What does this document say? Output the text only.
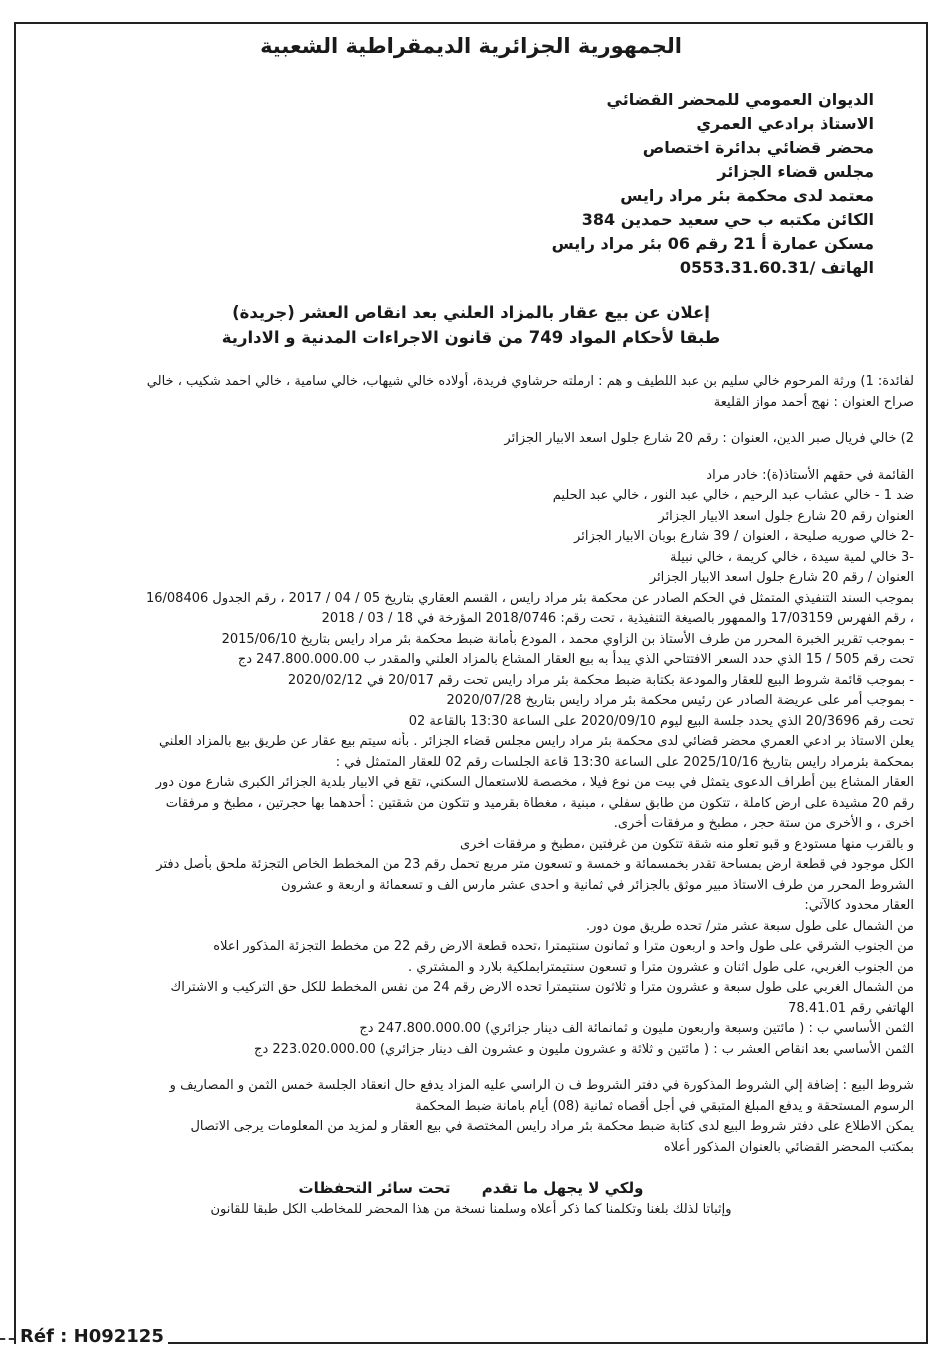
الجمهورية الجزائرية الديمقراطية الشعبية
الديوان العمومي للمحضر القضائي
الاستاذ برادعي العمري
محضر قضائي بدائرة اختصاص
مجلس قضاء الجزائر
معتمد لدى محكمة بئر مراد رايس
الكائن مكتبه ب حي سعيد حمدين 384
مسكن عمارة أ 21 رقم 06 بئر مراد رايس
الهاتف /0553.31.60.31
إعلان عن بيع عقار بالمزاد العلني بعد انقاص العشر (جريدة)
طبقا لأحكام المواد 749 من قانون الاجراءات المدنية و الادارية
لفائدة: 1) ورثة المرحوم خالي سليم بن عبد اللطيف و هم : ارملته حرشاوي فريدة، أولاده خالي شيهاب، خالي سامية ، خالي احمد شكيب ، خالي
صراح العنوان : نهج أحمد مواز القليعة
2) خالي فريال صبر الدين، العنوان : رقم 20 شارع جلول اسعد الابيار الجزائر
القائمة في حقهم الأستاذ(ة): خادر مراد
ضد 1 - خالي عشاب عبد الرحيم ، خالي عبد النور ، خالي عبد الحليم
العنوان رقم 20 شارع جلول اسعد الابيار الجزائر
-2 خالي صوريه صليحة ، العنوان / 39 شارع بوبان الابيار الجزائر
-3 خالي لمية سيدة ، خالي كريمة ، خالي نبيلة
العنوان / رقم 20 شارع جلول اسعد الابيار الجزائر
بموجب السند التنفيذي المتمثل في الحكم الصادر عن محكمة بئر مراد رايس ، القسم العقاري بتاريخ 05 / 04 / 2017 ، رقم الجدول 16/08406
، رقم الفهرس 17/03159 والممهور بالصيغة التنفيذية ، تحت رقم: 2018/0746 المؤرخة في 18 / 03 / 2018
- بموجب تقرير الخبرة المحرر من طرف الأستاذ بن الزاوي محمد ، المودع بأمانة ضبط محكمة بئر مراد رايس بتاريخ 2015/06/10
تحت رقم 505 / 15 الذي حدد السعر الافتتاحي الذي يبدأ به بيع العقار المشاع بالمزاد العلني والمقدر ب 247.800.000.00 دج
- بموجب قائمة شروط البيع للعقار والمودعة بكتابة ضبط محكمة بئر مراد رايس تحت رقم 20/017 في 2020/02/12
- بموجب أمر على عريضة الصادر عن رئيس محكمة بئر مراد رايس بتاريخ 2020/07/28
تحت رقم 20/3696 الذي يحدد جلسة البيع ليوم 2020/09/10 على الساعة 13:30 بالقاعة 02
يعلن الاستاذ بر ادعي العمري محضر قضائي لدى محكمة بئر مراد رايس مجلس قضاء الجزائر . بأنه سيتم بيع عقار عن طريق بيع بالمزاد العلني
بمحكمة بئرمراد رايس بتاريخ 2025/10/16 على الساعة 13:30 قاعة الجلسات رقم 02 للعقار المتمثل في :
العقار المشاع بين أطراف الدعوى يتمثل في بيت من نوع فيلا ، مخصصة للاستعمال السكني، تقع في الابيار بلدية الجزائر الكبرى شارع مون دور
رقم 20 مشيدة على ارض كاملة ، تتكون من طابق سفلي ، مبنية ، مغطاة بقرميد و تتكون من شقتين : أحدهما بها حجرتين ، مطبخ و مرفقات
اخرى ، و الأخرى من ستة حجر ، مطبخ و مرفقات أخرى.
و بالقرب منها مستودع و قبو تعلو منه شقة تتكون من غرفتين ،مطبخ و مرفقات اخرى
الكل موجود في قطعة ارض بمساحة تقدر بخمسمائة و خمسة و تسعون متر مربع تحمل رقم 23 من المخطط الخاص التجزئة ملحق بأصل دفتر
الشروط المحرر من طرف الاستاذ مبير موثق بالجزائر في ثمانية و احدى عشر مارس الف و تسعمائة و اربعة و عشرون
العقار محدود كالآتي:
من الشمال على طول سبعة عشر متر/ تحده طريق مون دور.
من الجنوب الشرقي على طول واحد و اربعون مترا و ثمانون سنتيمترا ،تحده قطعة الارض رقم 22 من مخطط التجزئة المذكور اعلاه
من الجنوب الغربي، على طول اثنان و عشرون مترا و تسعون سنتيمترابملكية بلارد و المشتري .
من الشمال الغربي على طول سبعة و عشرون مترا و ثلاثون سنتيمترا تحده الارض رقم 24 من نفس المخطط للكل حق التركيب و الاشتراك
الهاتفي رقم 78.41.01
الثمن الأساسي ب : ( مائتين وسبعة واربعون مليون و ثمانمائة الف دينار جزائري) 247.800.000.00 دج
الثمن الأساسي بعد انقاص العشر ب : ( مائتين و ثلاثة و عشرون مليون و عشرون الف دينار جزائري) 223.020.000.00 دج
شروط البيع : إضافة إلي الشروط المذكورة في دفتر الشروط ف ن الراسي عليه المزاد يدفع حال انعقاد الجلسة خمس الثمن و المصاريف و
الرسوم المستحقة و يدفع المبلغ المتبقي في أجل أقصاه ثمانية (08) أيام بامانة ضبط المحكمة
يمكن الاطلاع على دفتر شروط البيع لدى كتابة ضبط محكمة بئر مراد رايس المختصة في بيع العقار و لمزيد من المعلومات يرجى الاتصال
بمكتب المحضر القضائي بالعنوان المذكور أعلاه
ولكي لا يجهل ما تقدم      تحت سائر التحفظات
وإثباتا لذلك بلغنا وتكلمنا كما ذكر أعلاه وسلمنا نسخة من هذا المحضر للمخاطب الكل طبقا للقانون
Réf : H092125
